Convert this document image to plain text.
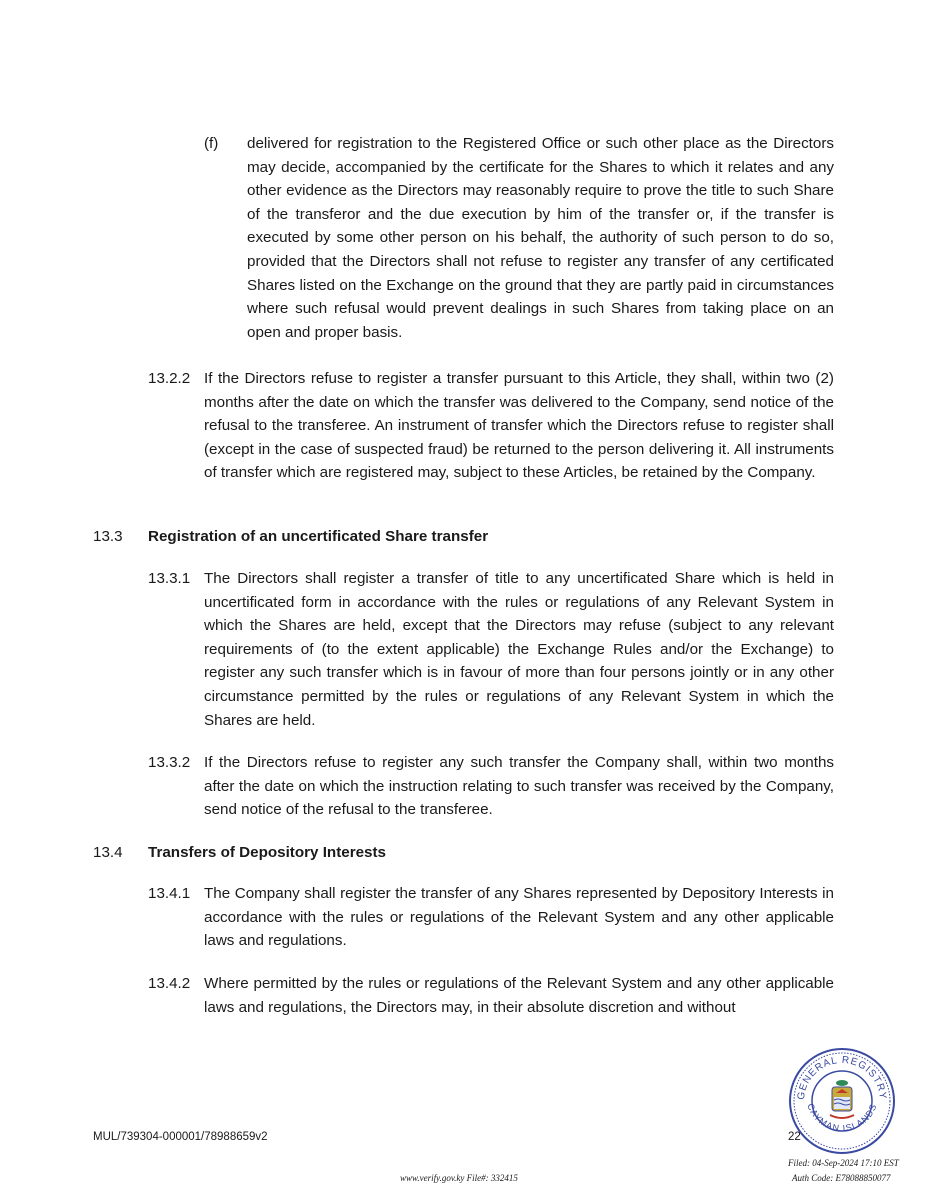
(f) delivered for registration to the Registered Office or such other place as the Directors may decide, accompanied by the certificate for the Shares to which it relates and any other evidence as the Directors may reasonably require to prove the title to such Share of the transferor and the due execution by him of the transfer or, if the transfer is executed by some other person on his behalf, the authority of such person to do so, provided that the Directors shall not refuse to register any transfer of any certificated Shares listed on the Exchange on the ground that they are partly paid in circumstances where such refusal would prevent dealings in such Shares from taking place on an open and proper basis.

13.2.2 If the Directors refuse to register a transfer pursuant to this Article, they shall, within two (2) months after the date on which the transfer was delivered to the Company, send notice of the refusal to the transferee. An instrument of transfer which the Directors refuse to register shall (except in the case of suspected fraud) be returned to the person delivering it. All instruments of transfer which are registered may, subject to these Articles, be retained by the Company.

13.3 Registration of an uncertificated Share transfer
13.3.1 The Directors shall register a transfer of title to any uncertificated Share which is held in uncertificated form in accordance with the rules or regulations of any Relevant System in which the Shares are held, except that the Directors may refuse (subject to any relevant requirements of (to the extent applicable) the Exchange Rules and/or the Exchange) to register any such transfer which is in favour of more than four persons jointly or in any other circumstance permitted by the rules or regulations of any Relevant System in which the Shares are held.

13.3.2 If the Directors refuse to register any such transfer the Company shall, within two months after the date on which the instruction relating to such transfer was received by the Company, send notice of the refusal to the transferee.

13.4 Transfers of Depository Interests
13.4.1 The Company shall register the transfer of any Shares represented by Depository Interests in accordance with the rules or regulations of the Relevant System and any other applicable laws and regulations.

13.4.2 Where permitted by the rules or regulations of the Relevant System and any other applicable laws and regulations, the Directors may, in their absolute discretion and without

GENERAL REGISTRY
CAYMAN ISLANDS
MUL/739304-000001/78988659v2	22
www.verify.gov.ky File#: 332415
Filed: 04-Sep-2024 17:10 EST
Auth Code: E78088850077
